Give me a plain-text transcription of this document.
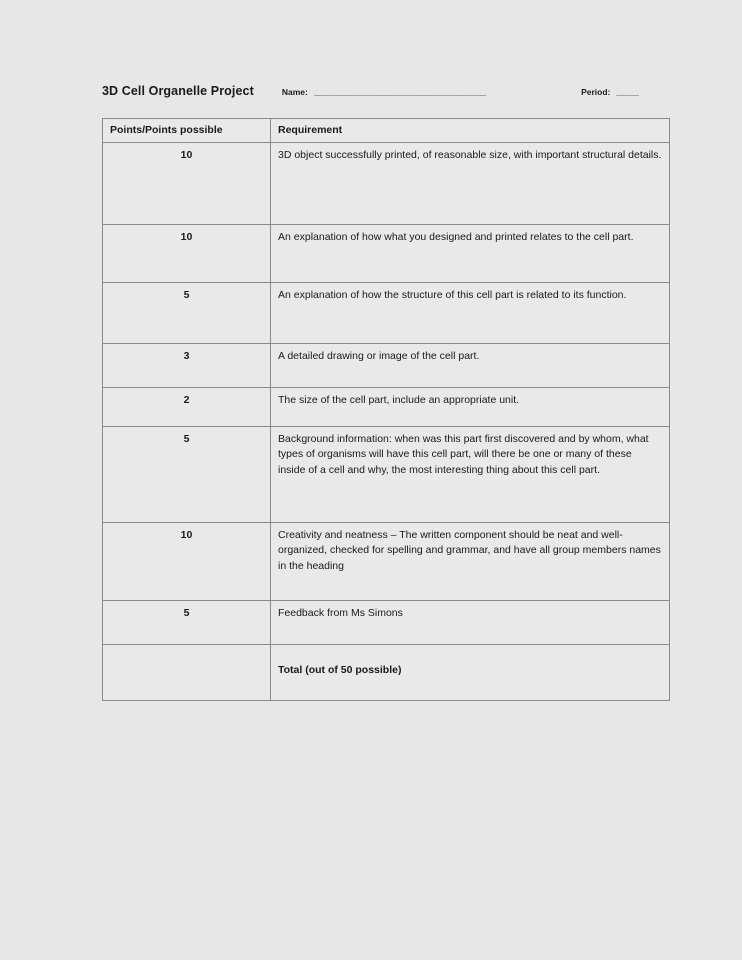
3D Cell Organelle Project	Name: ______________________________________	Period: _____
Points/Points possible	Requirement
10	3D object successfully printed, of reasonable size, with important structural details.
10	An explanation of how what you designed and printed relates to the cell part.
5	An explanation of how the structure of this cell part is related to its function.
3	A detailed drawing or image of the cell part.
2	The size of the cell part, include an appropriate unit.
5	Background information: when was this part first discovered and by whom, what types of organisms will have this cell part, will there be one or many of these inside of a cell and why, the most interesting thing about this cell part.
10	Creativity and neatness – The written component should be neat and well-organized, checked for spelling and grammar, and have all group members names in the heading
5	Feedback from Ms Simons
	Total (out of 50 possible)
